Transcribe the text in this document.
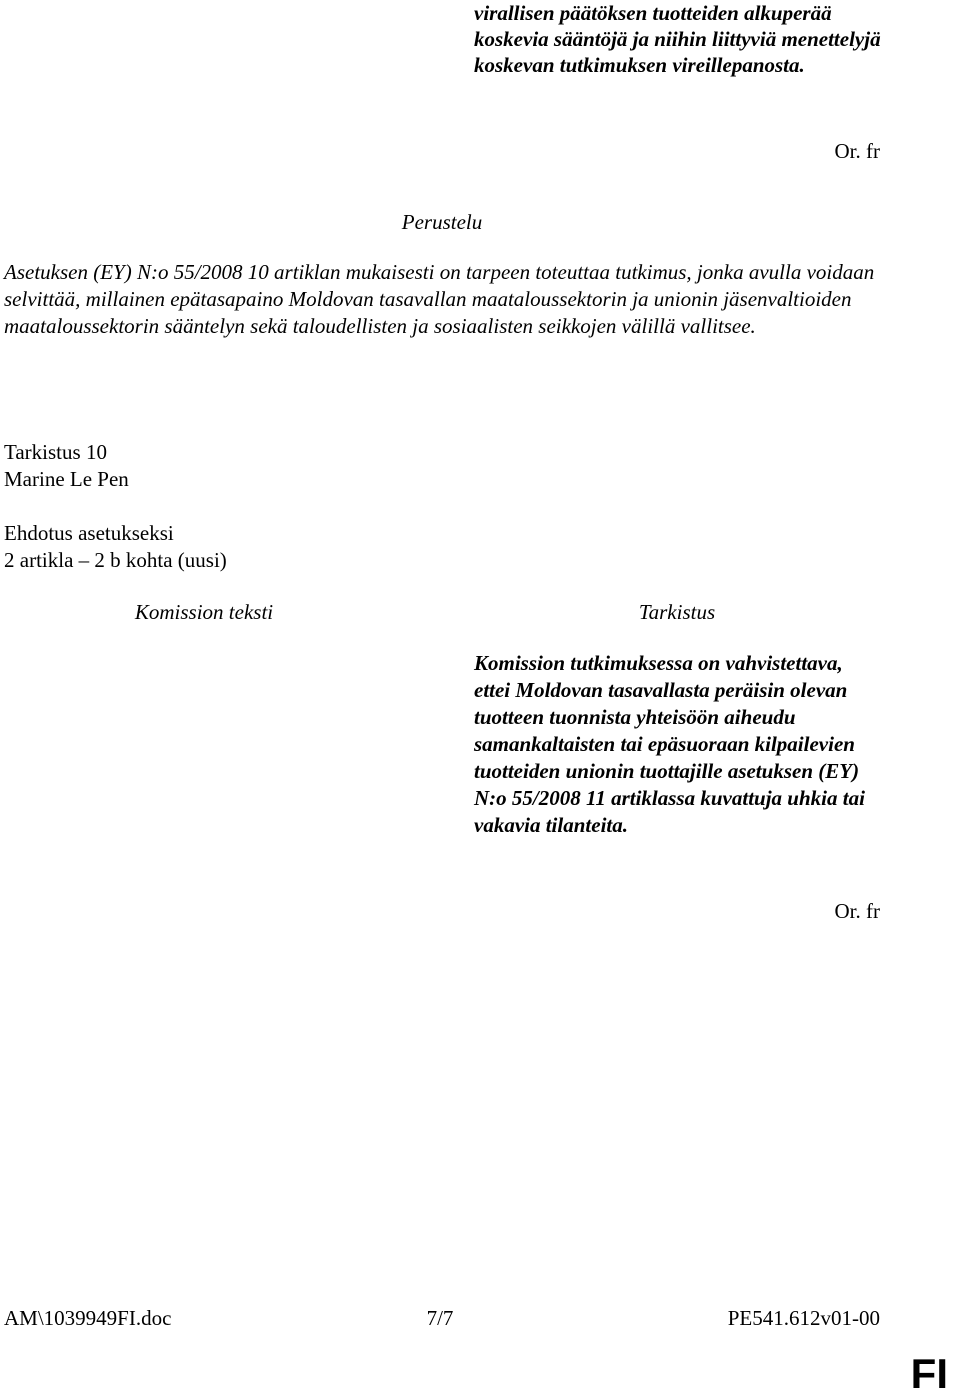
virallisen päätöksen tuotteiden alkuperää koskevia sääntöjä ja niihin liittyviä menettelyjä koskevan tutkimuksen vireillepanosta.
Or. fr
Perustelu
Asetuksen (EY) N:o 55/2008 10 artiklan mukaisesti on tarpeen toteuttaa tutkimus, jonka avulla voidaan selvittää, millainen epätasapaino Moldovan tasavallan maataloussektorin ja unionin jäsenvaltioiden maataloussektorin sääntelyn sekä taloudellisten ja sosiaalisten seikkojen välillä vallitsee.
Tarkistus 10
Marine Le Pen
Ehdotus asetukseksi
2 artikla – 2 b kohta (uusi)
Komission teksti	Tarkistus
Komission tutkimuksessa on vahvistettava, ettei Moldovan tasavallasta peräisin olevan tuotteen tuonnista yhteisöön aiheudu samankaltaisten tai epäsuoraan kilpailevien tuotteiden unionin tuottajille asetuksen (EY) N:o 55/2008 11 artiklassa kuvattuja uhkia tai vakavia tilanteita.
Or. fr
AM\1039949FI.doc	7/7	PE541.612v01-00
FI
